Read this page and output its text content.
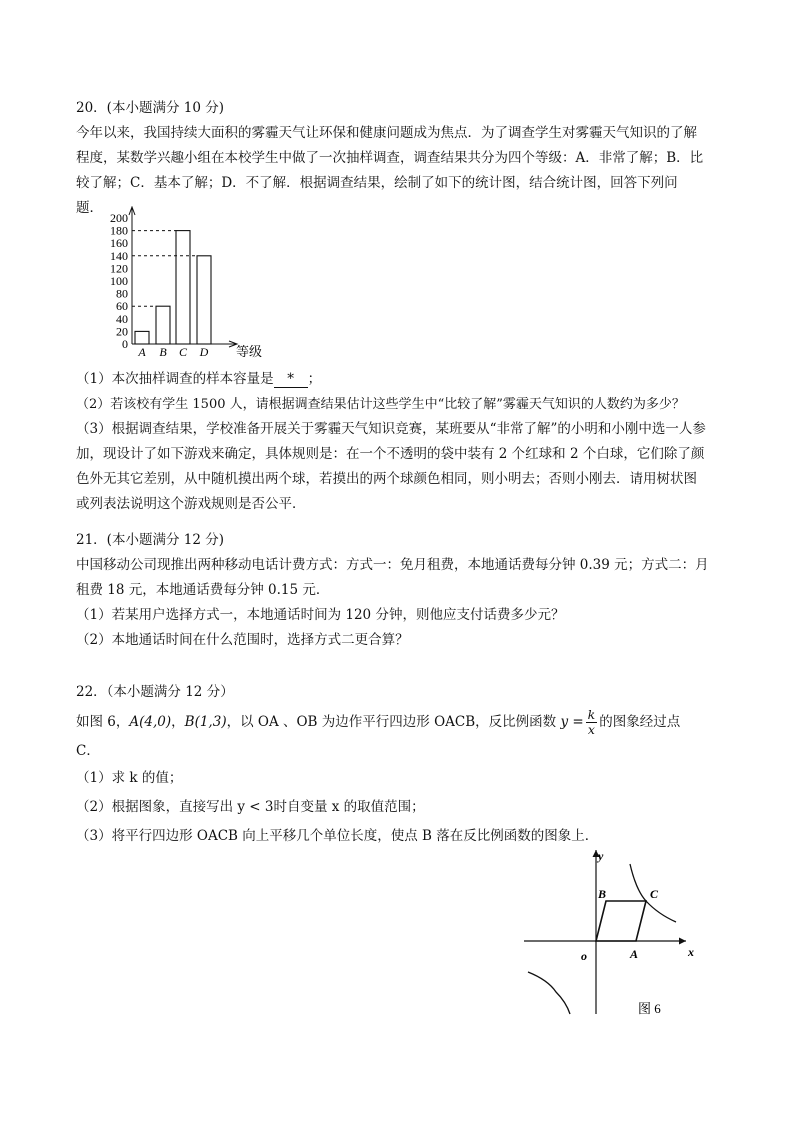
20．(本小题满分 10 分)
今年以来，我国持续大面积的雾霾天气让环保和健康问题成为焦点．为了调查学生对雾霾天气知识的了解
程度，某数学兴趣小组在本校学生中做了一次抽样调查，调查结果共分为四个等级：A．非常了解；B．比
较了解；C．基本了解；D．不了解．根据调查结果，绘制了如下的统计图，结合统计图，回答下列问
题．
0
20
40
60
80
100
120
140
160
180
200
A B C D 等级
（1）本次抽样调查的样本容量是 * ；
（2）若该校有学生 1500 人，请根据调查结果估计这些学生中“比较了解”雾霾天气知识的人数约为多少？
（3）根据调查结果，学校准备开展关于雾霾天气知识竞赛，某班要从“非常了解”的小明和小刚中选一人参
加，现设计了如下游戏来确定，具体规则是：在一个不透明的袋中装有 2 个红球和 2 个白球，它们除了颜
色外无其它差别，从中随机摸出两个球，若摸出的两个球颜色相同，则小明去；否则小刚去．请用树状图
或列表法说明这个游戏规则是否公平．
21．(本小题满分 12 分)
中国移动公司现推出两种移动电话计费方式：方式一：免月租费，本地通话费每分钟 0.39 元；方式二：月
租费 18 元，本地通话费每分钟 0.15 元．
（1）若某用户选择方式一，本地通话时间为 120 分钟，则他应支付话费多少元？
（2）本地通话时间在什么范围时，选择方式二更合算？
22．（本小题满分 12 分）
如图 6，A(4,0)，B(1,3)，以 OA 、OB 为边作平行四边形 OACB，反比例函数 $y = \frac{k}{x}$ 的图象经过点
C．
（1）求 k 的值；
（2）根据图象，直接写出 y < 3时自变量 x 的取值范围；
（3）将平行四边形 OACB 向上平移几个单位长度，使点 B 落在反比例函数的图象上．
y
x
o	A
B	C
图 6
